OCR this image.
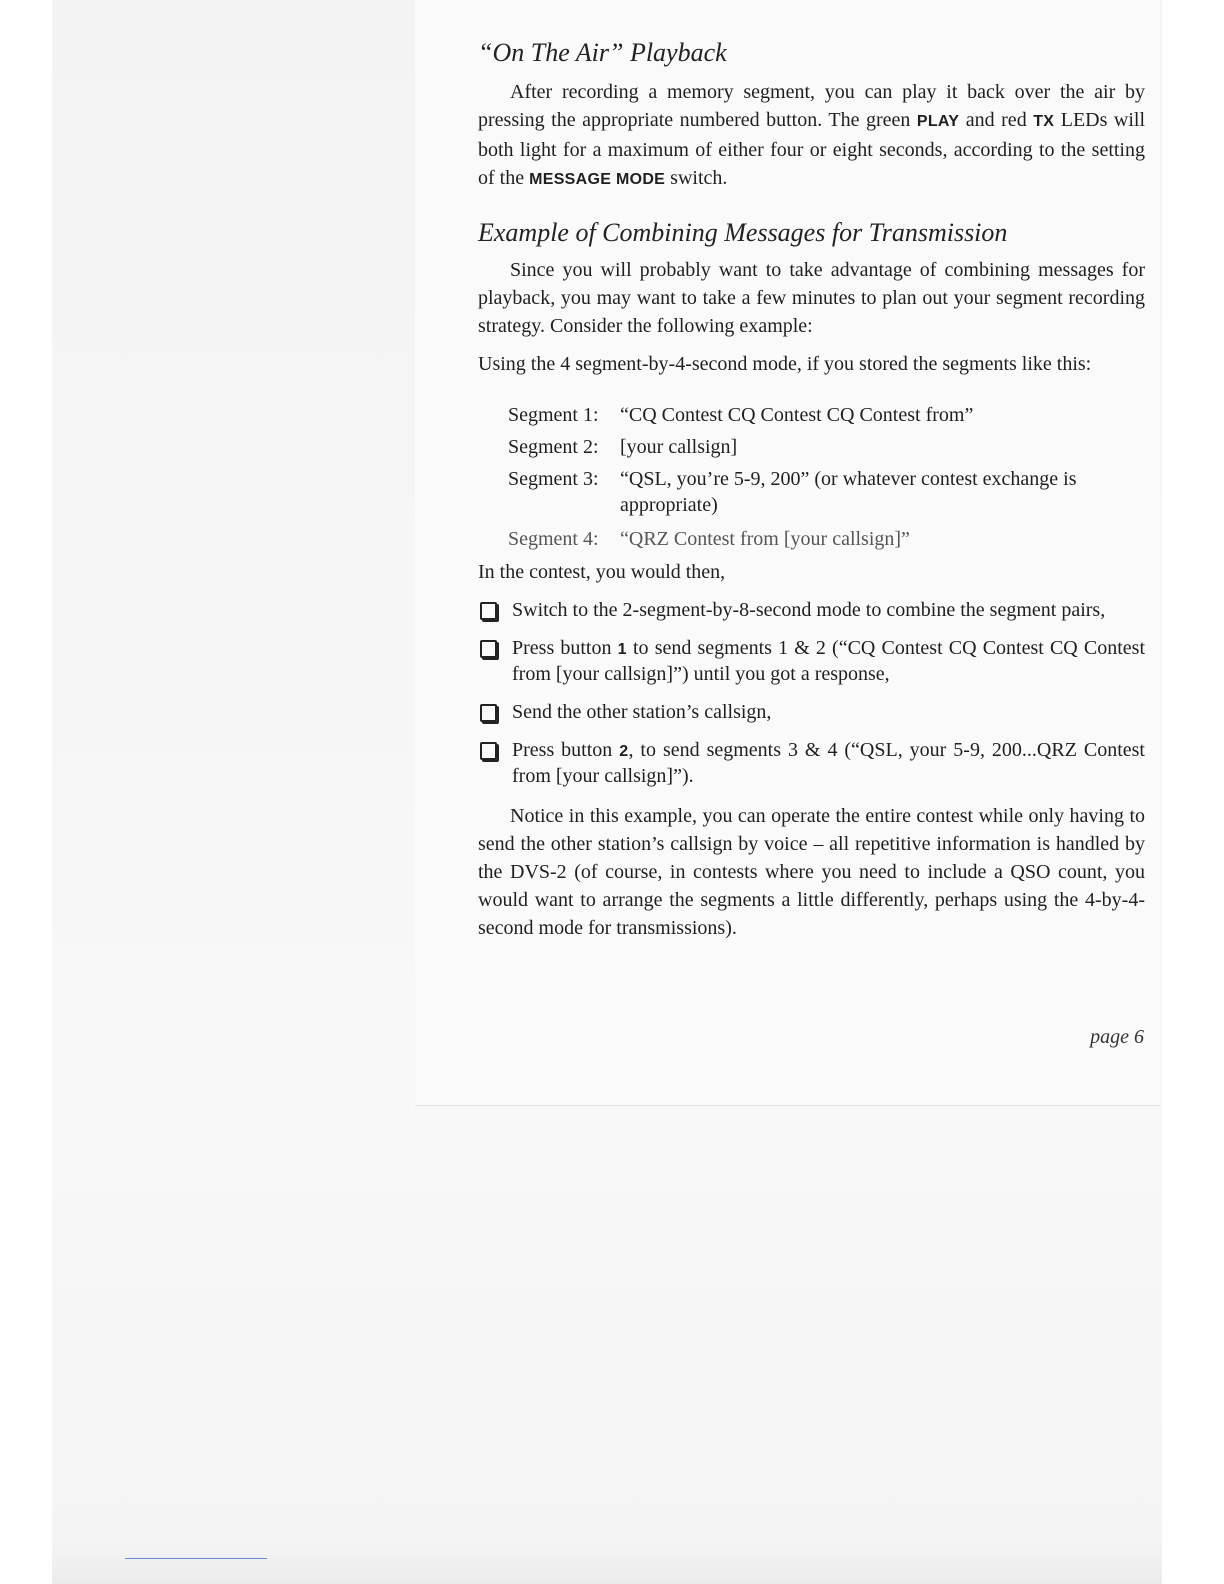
“On The Air” Playback

After recording a memory segment, you can play it back over the air by pressing the appropriate numbered button. The green PLAY and red TX LEDs will both light for a maximum of either four or eight seconds, according to the setting of the MESSAGE MODE switch.

Example of Combining Messages for Transmission

Since you will probably want to take advantage of combining messages for playback, you may want to take a few minutes to plan out your segment recording strategy. Consider the following example:

Using the 4 segment-by-4-second mode, if you stored the segments like this:

Segment 1:	“CQ Contest CQ Contest CQ Contest from”
Segment 2:	[your callsign]
Segment 3:	“QSL, you’re 5-9, 200” (or whatever contest exchange is
appropriate)
Segment 4:	“QRZ Contest from [your callsign]”

In the contest, you would then,

Switch to the 2-segment-by-8-second mode to combine the segment pairs,
Press button 1 to send segments 1 & 2 (“CQ Contest CQ Contest CQ Contest from [your callsign]”) until you got a response,
Send the other station’s callsign,
Press button 2, to send segments 3 & 4 (“QSL, your 5-9, 200...QRZ Contest from [your callsign]”).

Notice in this example, you can operate the entire contest while only having to send the other station’s callsign by voice – all repetitive information is handled by the DVS-2 (of course, in contests where you need to include a QSO count, you would want to arrange the segments a little differently, perhaps using the 4-by-4-second mode for transmissions).

page 6
